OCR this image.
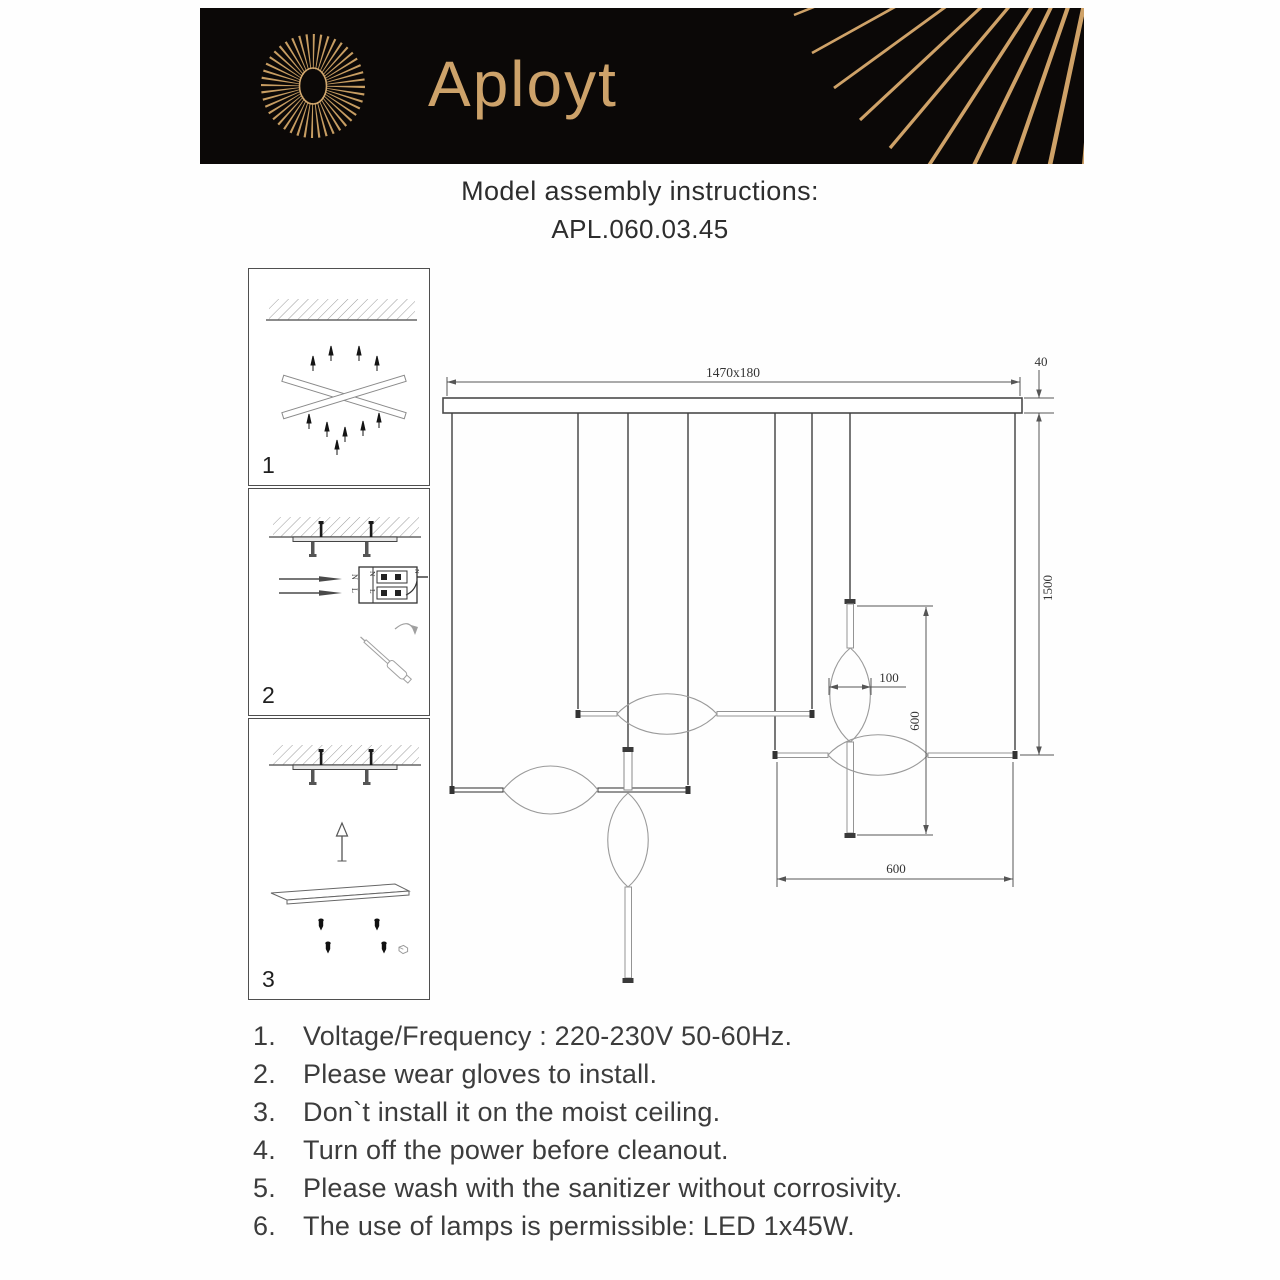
Aployt
Model assembly instructions:
APL.060.03.45
1
N
L
N
L
N
2
3
1470x180
40
1500
100
600
600
1.	Voltage/Frequency : 220-230V 50-60Hz.
2.	Please wear gloves to install.
3.	Don`t install it on the moist ceiling.
4.	Turn off the power before cleanout.
5.	Please wash with the sanitizer without corrosivity.
6.	The use of lamps is permissible: LED 1x45W.
